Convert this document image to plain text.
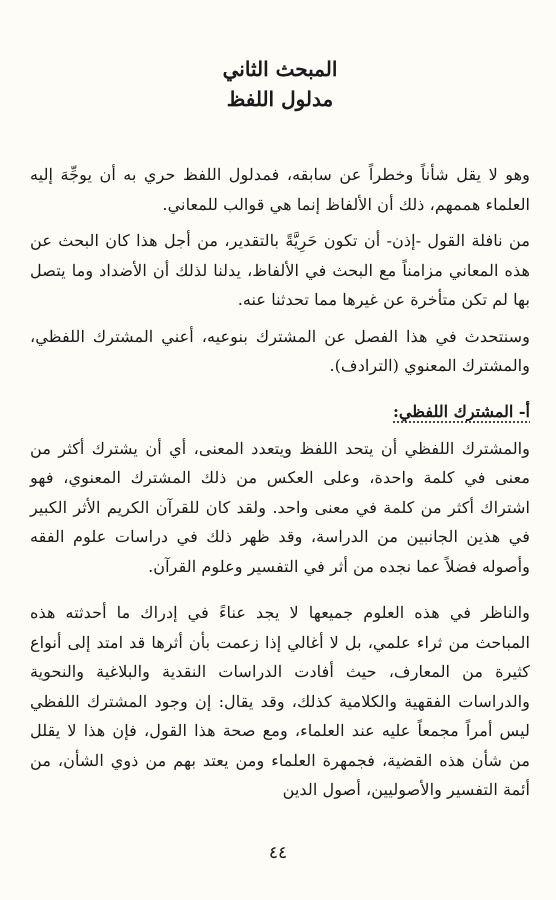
المبحث الثاني
مدلول اللفظ

وهو لا يقل شأناً وخطراً عن سابقه، فمدلول اللفظ حري به أن يوجِّهَ إليه العلماء هممهم، ذلك أن الألفاظ إنما هي قوالب للمعاني.

من نافلة القول -إذن- أن تكون حَرِيَّةً بالتقدير، من أجل هذا كان البحث عن هذه المعاني مزامناً مع البحث في الألفاظ، يدلنا لذلك أن الأضداد وما يتصل بها لم تكن متأخرة عن غيرها مما تحدثنا عنه.

وسنتحدث في هذا الفصل عن المشترك بنوعيه، أعني المشترك اللفظي، والمشترك المعنوي (الترادف).

أ- المشترك اللفظي:

والمشترك اللفظي أن يتحد اللفظ ويتعدد المعنى، أي أن يشترك أكثر من معنى في كلمة واحدة، وعلى العكس من ذلك المشترك المعنوي، فهو اشتراك أكثر من كلمة في معنى واحد. ولقد كان للقرآن الكريم الأثر الكبير في هذين الجانبين من الدراسة، وقد ظهر ذلك في دراسات علوم الفقه وأصوله فضلاً عما نجده من أثر في التفسير وعلوم القرآن.

والناظر في هذه العلوم جميعها لا يجد عناءً في إدراك ما أحدثته هذه المباحث من ثراء علمي، بل لا أغالي إذا زعمت بأن أثرها قد امتد إلى أنواع كثيرة من المعارف، حيث أفادت الدراسات النقدية والبلاغية والنحوية والدراسات الفقهية والكلامية كذلك، وقد يقال: إن وجود المشترك اللفظي ليس أمراً مجمعاً عليه عند العلماء، ومع صحة هذا القول، فإن هذا لا يقلل من شأن هذه القضية، فجمهرة العلماء ومن يعتد بهم من ذوي الشأن، من أئمة التفسير والأصوليين، أصول الدين

٤٤
